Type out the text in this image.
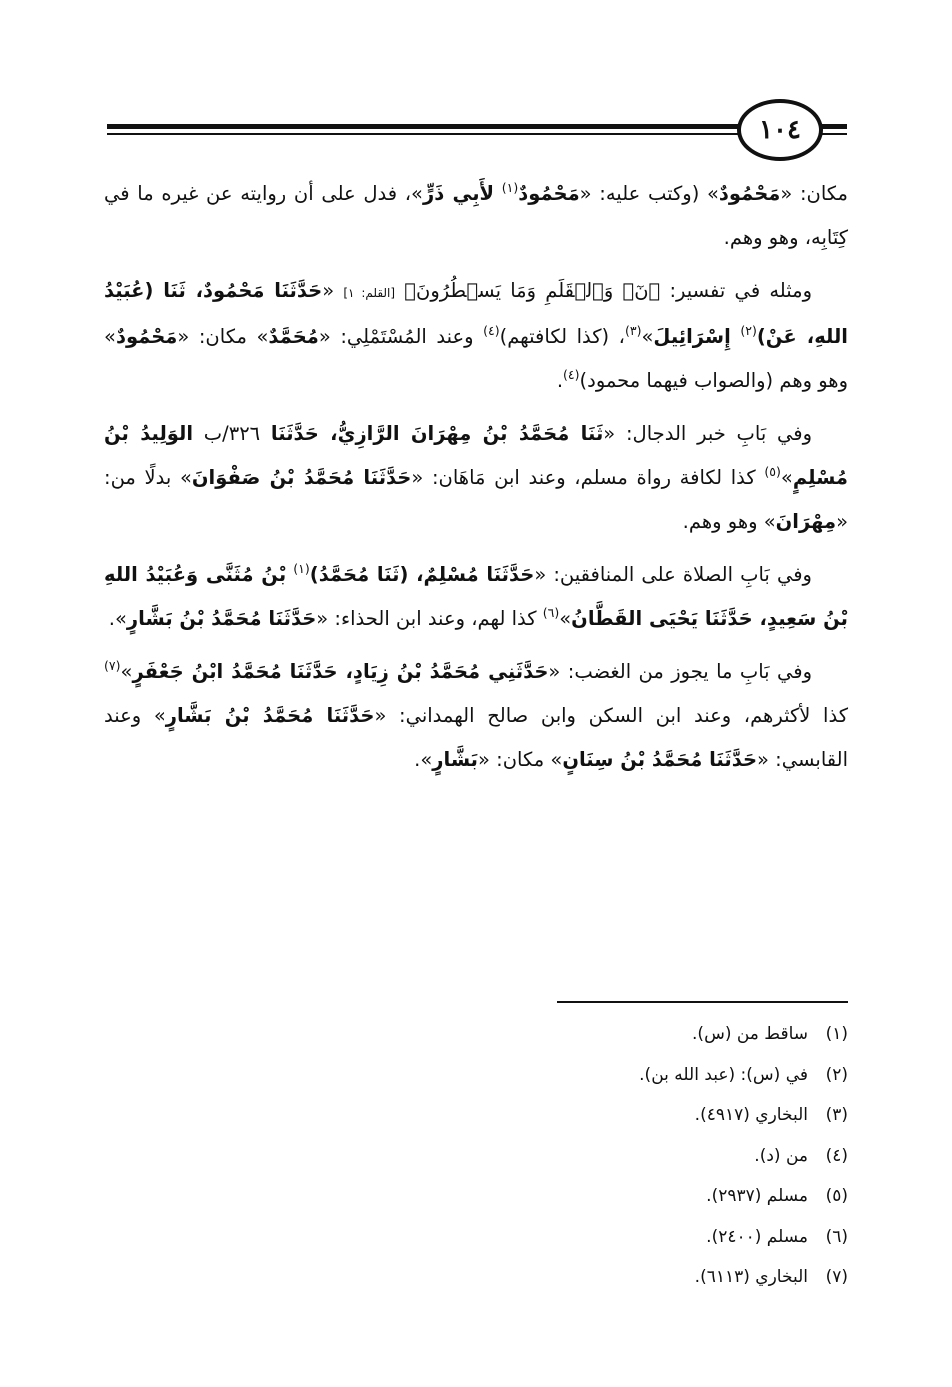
١٠٤

مكان: «مَحْمُودٌ» (وكتب عليه: «مَحْمُودٌ$^{(١)}$ لأَبِي ذَرٍّ»، فدل على أن روايته عن غيره ما في كِتَابِه، وهو وهم.

ومثله في تفسير: ﴿نٓۚ وَٱلۡقَلَمِ وَمَا يَسۡطُرُونَ﴾ [القلم: ١] «حَدَّثَنَا مَحْمُودٌ، ثَنَا (عُبَيْدُ اللهِ، عَنْ)$^{(٢)}$ إِسْرَائِيلَ»$^{(٣)}$، (كذا لكافتهم)$^{(٤)}$ وعند المُسْتَمْلِي: «مُحَمَّدٌ» مكان: «مَحْمُودٌ» وهو وهم (والصواب فيهما محمود)$^{(٤)}$.

وفي بَابِ خبر الدجال: «ثَنَا مُحَمَّدُ بْنُ مِهْرَانَ الرَّازِيُّ، حَدَّثَنَا ٣٢٦/ب الوَلِيدُ بْنُ مُسْلِمٍ»$^{(٥)}$ كذا لكافة رواة مسلم، وعند ابن مَاهَان: «حَدَّثَنَا مُحَمَّدُ بْنُ صَفْوَانَ» بدلًا من: «مِهْرَانَ» وهو وهم.

وفي بَابِ الصلاة على المنافقين: «حَدَّثَنَا مُسْلِمٌ، (ثَنَا مُحَمَّدُ)$^{(١)}$ بْنُ مُثَنَّى وَعُبَيْدُ اللهِ بْنُ سَعِيدٍ، حَدَّثَنَا يَحْيَى القَطَّانُ»$^{(٦)}$ كذا لهم، وعند ابن الحذاء: «حَدَّثَنَا مُحَمَّدُ بْنُ بَشَّارٍ».

وفي بَابِ ما يجوز من الغضب: «حَدَّثَنِي مُحَمَّدُ بْنُ زِيَادٍ، حَدَّثَنَا مُحَمَّدُ ابْنُ جَعْفَرٍ»$^{(٧)}$ كذا لأكثرهم، وعند ابن السكن وابن صالح الهمداني: «حَدَّثَنَا مُحَمَّدُ بْنُ بَشَّارٍ» وعند القابسي: «حَدَّثَنَا مُحَمَّدُ بْنُ سِنَانٍ» مكان: «بَشَّارٍ».

(١)ساقط من (س).
(٢)في (س): (عبد الله بن).
(٣)البخاري (٤٩١٧).
(٤)من (د).
(٥)مسلم (٢٩٣٧).
(٦)مسلم (٢٤٠٠).
(٧)البخاري (٦١١٣).
